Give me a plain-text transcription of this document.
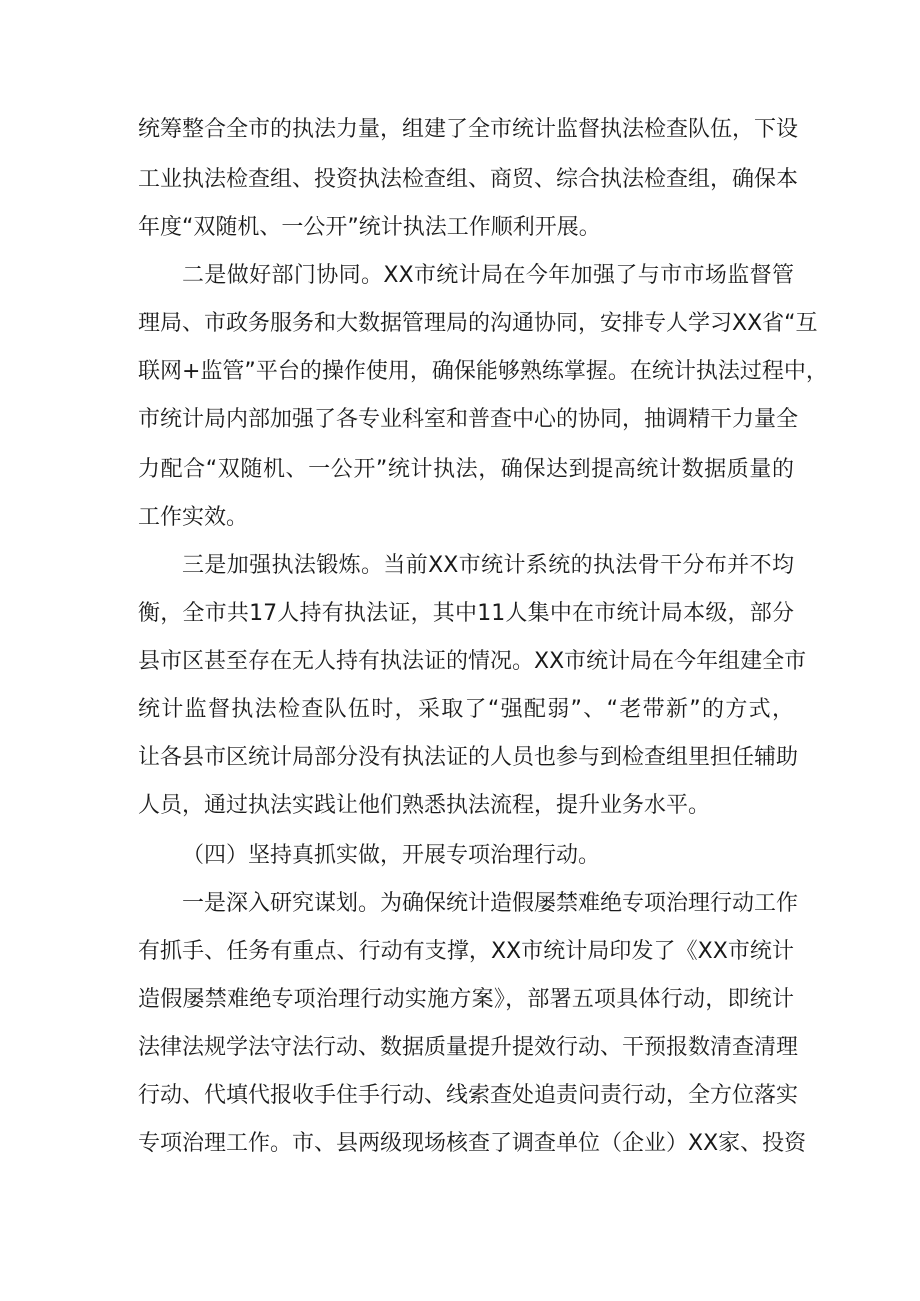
统筹整合全市的执法力量，组建了全市统计监督执法检查队伍，下设
工业执法检查组、投资执法检查组、商贸、综合执法检查组，确保本
年度“双随机、一公开”统计执法工作顺利开展。
二是做好部门协同。XX市统计局在今年加强了与市市场监督管
理局、市政务服务和大数据管理局的沟通协同，安排专人学习XX省“互
联网+监管”平台的操作使用，确保能够熟练掌握。在统计执法过程中，
市统计局内部加强了各专业科室和普查中心的协同，抽调精干力量全
力配合“双随机、一公开”统计执法，确保达到提高统计数据质量的
工作实效。
三是加强执法锻炼。当前XX市统计系统的执法骨干分布并不均
衡，全市共17人持有执法证，其中11人集中在市统计局本级，部分
县市区甚至存在无人持有执法证的情况。XX市统计局在今年组建全市
统计监督执法检查队伍时，采取了“强配弱”、“老带新”的方式，
让各县市区统计局部分没有执法证的人员也参与到检查组里担任辅助
人员，通过执法实践让他们熟悉执法流程，提升业务水平。
（四）坚持真抓实做，开展专项治理行动。
一是深入研究谋划。为确保统计造假屡禁难绝专项治理行动工作
有抓手、任务有重点、行动有支撑，XX市统计局印发了《XX市统计
造假屡禁难绝专项治理行动实施方案》，部署五项具体行动，即统计
法律法规学法守法行动、数据质量提升提效行动、干预报数清查清理
行动、代填代报收手住手行动、线索查处追责问责行动，全方位落实
专项治理工作。市、县两级现场核查了调查单位（企业）XX家、投资
